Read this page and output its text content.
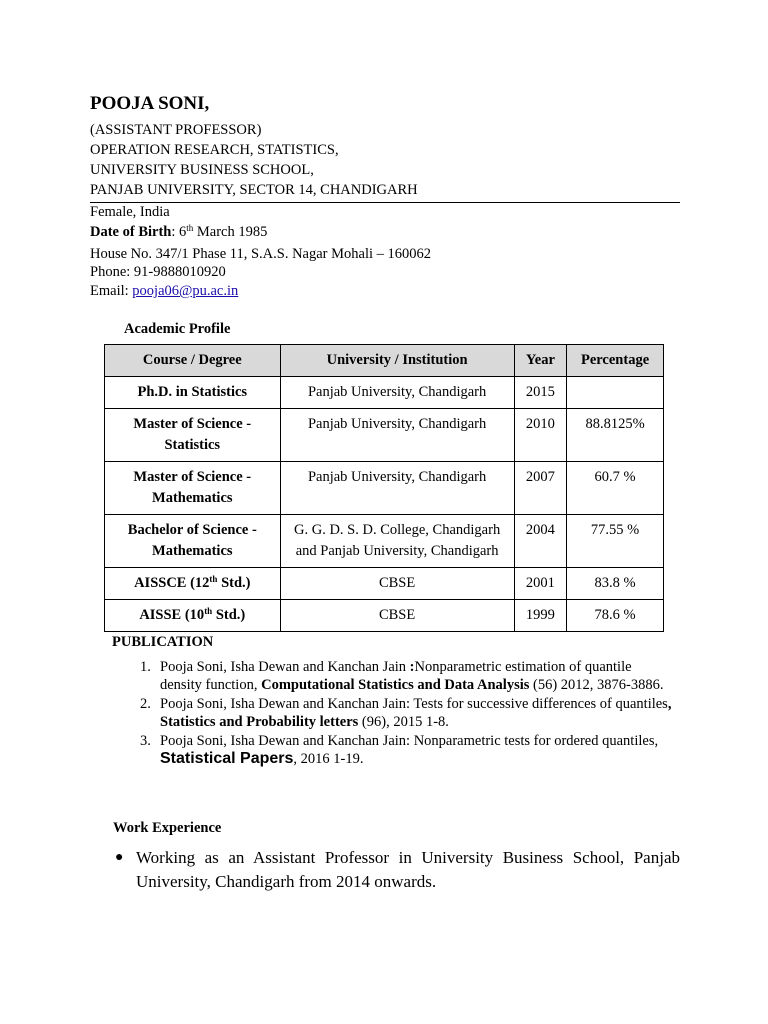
POOJA SONI,
(ASSISTANT PROFESSOR)
OPERATION RESEARCH, STATISTICS,
UNIVERSITY BUSINESS SCHOOL,
PANJAB UNIVERSITY, SECTOR 14, CHANDIGARH
Female, India
Date of Birth: 6th March 1985
House No. 347/1 Phase 11, S.A.S. Nagar Mohali – 160062
Phone: 91-9888010920
Email: pooja06@pu.ac.in
Academic Profile
Course / Degree	University / Institution	Year	Percentage
Ph.D. in Statistics	Panjab University, Chandigarh	2015	
Master of Science -
Statistics	Panjab University, Chandigarh	2010	88.8125%
Master of Science -
Mathematics	Panjab University, Chandigarh	2007	60.7 %
Bachelor of Science -
Mathematics	G. G. D. S. D. College, Chandigarh
and Panjab University, Chandigarh	2004	77.55 %
AISSCE (12th Std.)	CBSE	2001	83.8 %
AISSE (10th Std.)	CBSE	1999	78.6 %
PUBLICATION
1. Pooja Soni, Isha Dewan and Kanchan Jain :Nonparametric estimation of quantile density function, Computational Statistics and Data Analysis (56) 2012, 3876-3886.
2. Pooja Soni, Isha Dewan and Kanchan Jain: Tests for successive differences of quantiles, Statistics and Probability letters (96), 2015 1-8.
3. Pooja Soni, Isha Dewan and Kanchan Jain: Nonparametric tests for ordered quantiles, Statistical Papers, 2016 1-19.
Work Experience
● Working as an Assistant Professor in University Business School, Panjab University, Chandigarh from 2014 onwards.
